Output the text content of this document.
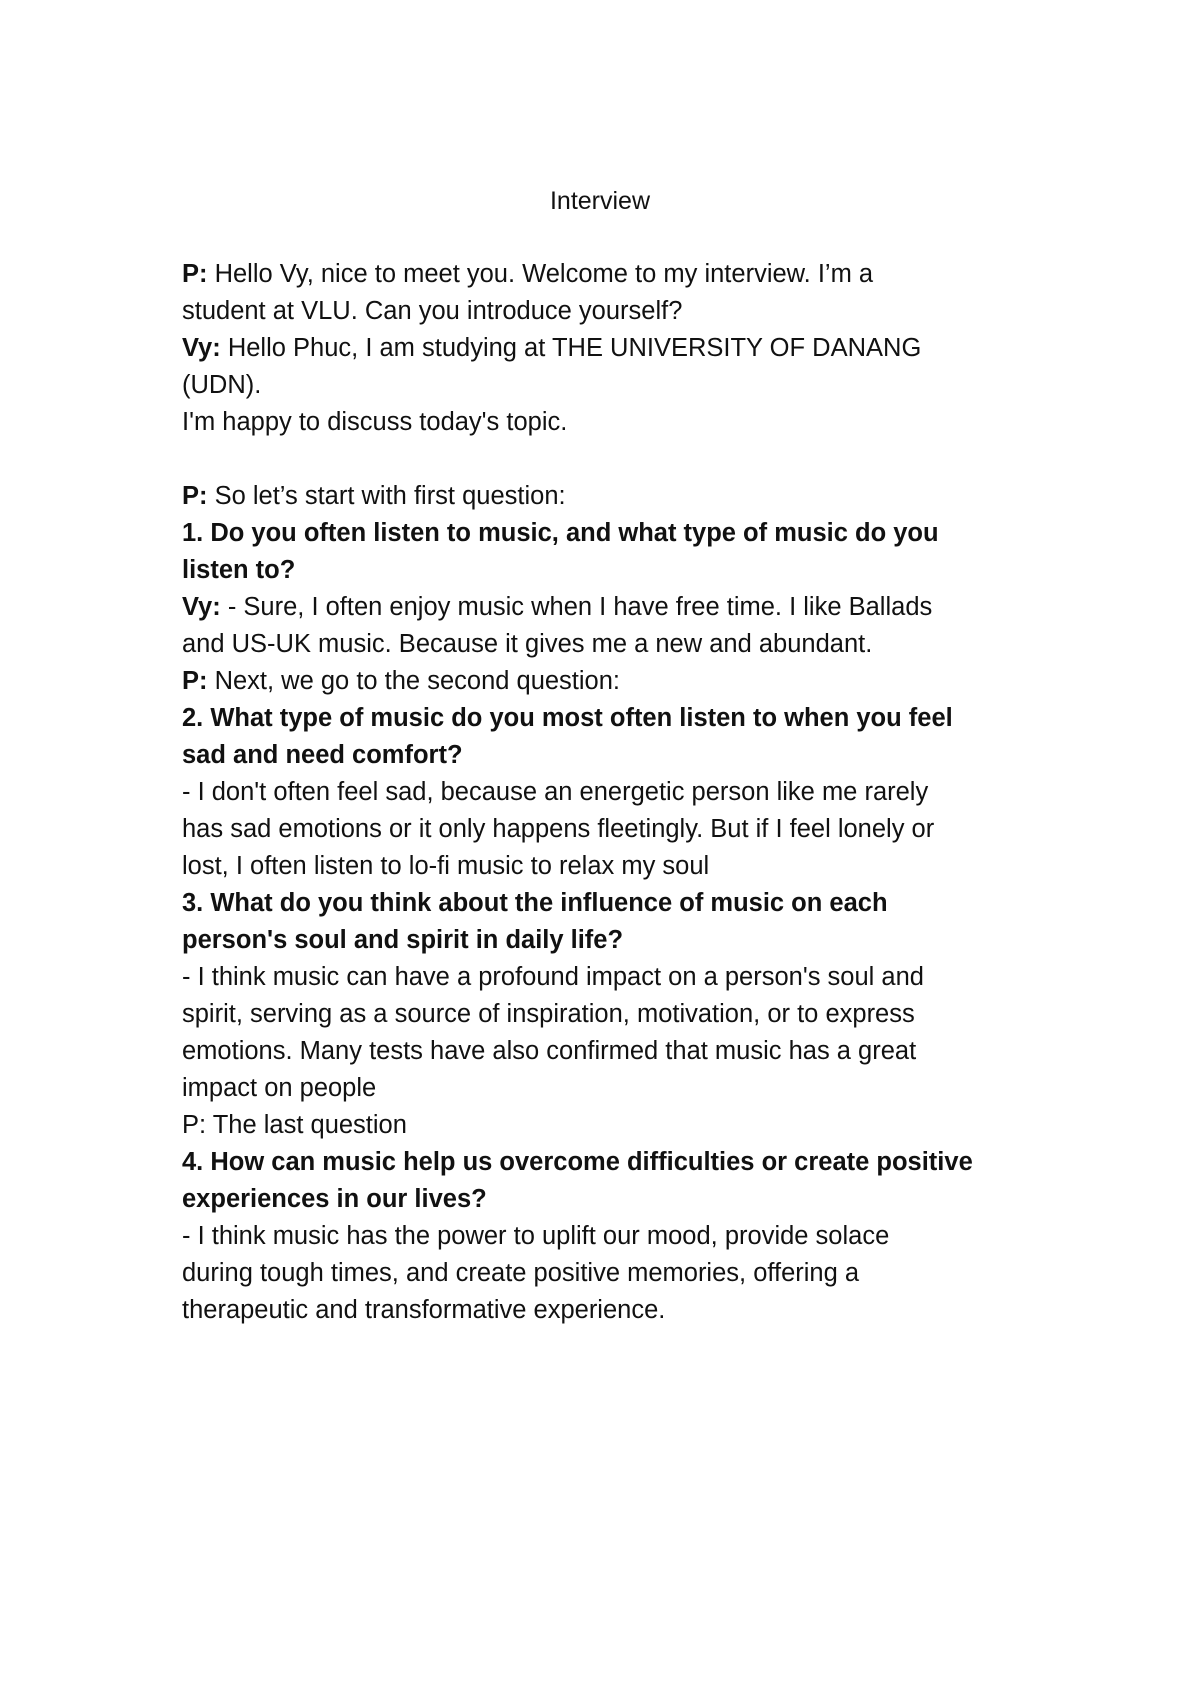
Interview
P: Hello Vy, nice to meet you. Welcome to my interview. I’m a
student at VLU. Can you introduce yourself?
Vy: Hello Phuc, I am studying at THE UNIVERSITY OF DANANG
(UDN).
I'm happy to discuss today's topic.
P: So let’s start with first question:
1. Do you often listen to music, and what type of music do you
listen to?
Vy: - Sure, I often enjoy music when I have free time. I like Ballads
and US-UK music. Because it gives me a new and abundant.
P: Next, we go to the second question:
2. What type of music do you most often listen to when you feel
sad and need comfort?
- I don't often feel sad, because an energetic person like me rarely
has sad emotions or it only happens fleetingly. But if I feel lonely or
lost, I often listen to lo-fi music to relax my soul
3. What do you think about the influence of music on each
person's soul and spirit in daily life?
- I think music can have a profound impact on a person's soul and
spirit, serving as a source of inspiration, motivation, or to express
emotions. Many tests have also confirmed that music has a great
impact on people
P: The last question
4. How can music help us overcome difficulties or create positive
experiences in our lives?
- I think music has the power to uplift our mood, provide solace
during tough times, and create positive memories, offering a
therapeutic and transformative experience.
